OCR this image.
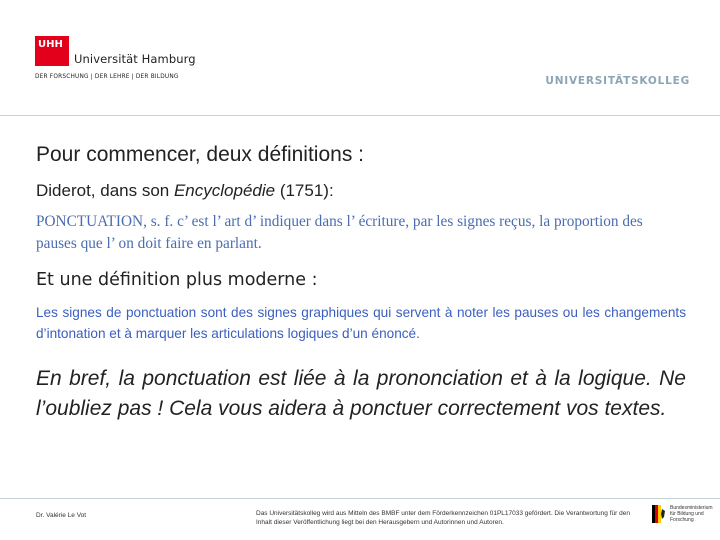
UHH
Universität Hamburg
DER FORSCHUNG | DER LEHRE | DER BILDUNG	UNIVERSITÄTSKOLLEG
Pour commencer, deux définitions :
Diderot, dans son Encyclopédie (1751):
PONCTUATION, s. f. c’ est l’ art d’ indiquer dans l’ écriture, par les signes reçus, la proportion des pauses que l’ on doit faire en parlant.
Et une définition plus moderne :
Les signes de ponctuation sont des signes graphiques qui servent à noter les pauses ou les changements d’intonation et à marquer les articulations logiques d’un énoncé.
En bref, la ponctuation est liée à la prononciation et à la logique. Ne l’oubliez pas ! Cela vous aidera à ponctuer correctement vos textes.
Dr. Valérie Le Vot	Das Universitätskolleg wird aus Mitteln des BMBF unter dem Förderkennzeichen 01PL17033 gefördert. Die Verantwortung für den Inhalt dieser Veröffentlichung liegt bei den Herausgebern und Autorinnen und Autoren.
Bundesministerium für Bildung und Forschung
